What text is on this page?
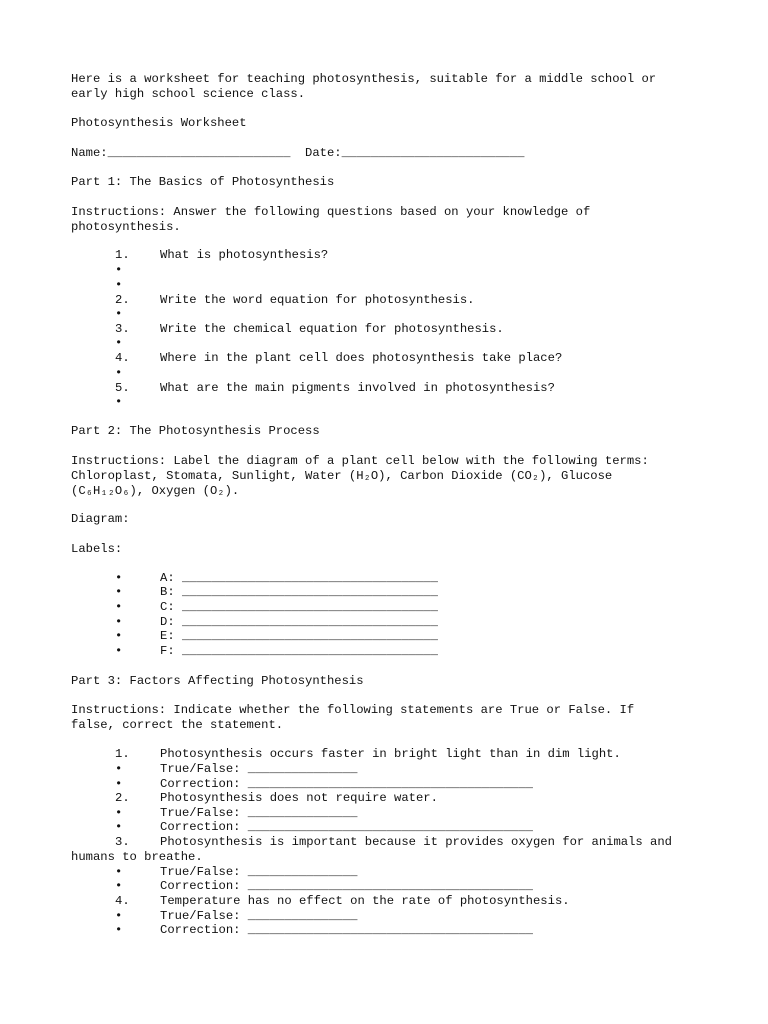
Here is a worksheet for teaching photosynthesis, suitable for a middle school or
early high school science class.
Photosynthesis Worksheet
Name:_________________________  Date:_________________________
Part 1: The Basics of Photosynthesis
Instructions: Answer the following questions based on your knowledge of
photosynthesis.
1. What is photosynthesis?
•
•
2. Write the word equation for photosynthesis.
•
3. Write the chemical equation for photosynthesis.
•
4. Where in the plant cell does photosynthesis take place?
•
5. What are the main pigments involved in photosynthesis?
•
Part 2: The Photosynthesis Process
Instructions: Label the diagram of a plant cell below with the following terms:
Chloroplast, Stomata, Sunlight, Water (H₂O), Carbon Dioxide (CO₂), Glucose
(C₆H₁₂O₆), Oxygen (O₂).
Diagram:
Labels:
•	A: ___________________________________
•	B: ___________________________________
•	C: ___________________________________
•	D: ___________________________________
•	E: ___________________________________
•	F: ___________________________________
Part 3: Factors Affecting Photosynthesis
Instructions: Indicate whether the following statements are True or False. If
false, correct the statement.
1. Photosynthesis occurs faster in bright light than in dim light.
•	True/False: _______________
•	Correction: _______________________________________
2. Photosynthesis does not require water.
•	True/False: _______________
•	Correction: _______________________________________
3. Photosynthesis is important because it provides oxygen for animals and
humans to breathe.
•	True/False: _______________
•	Correction: _______________________________________
4. Temperature has no effect on the rate of photosynthesis.
•	True/False: _______________
•	Correction: _______________________________________
